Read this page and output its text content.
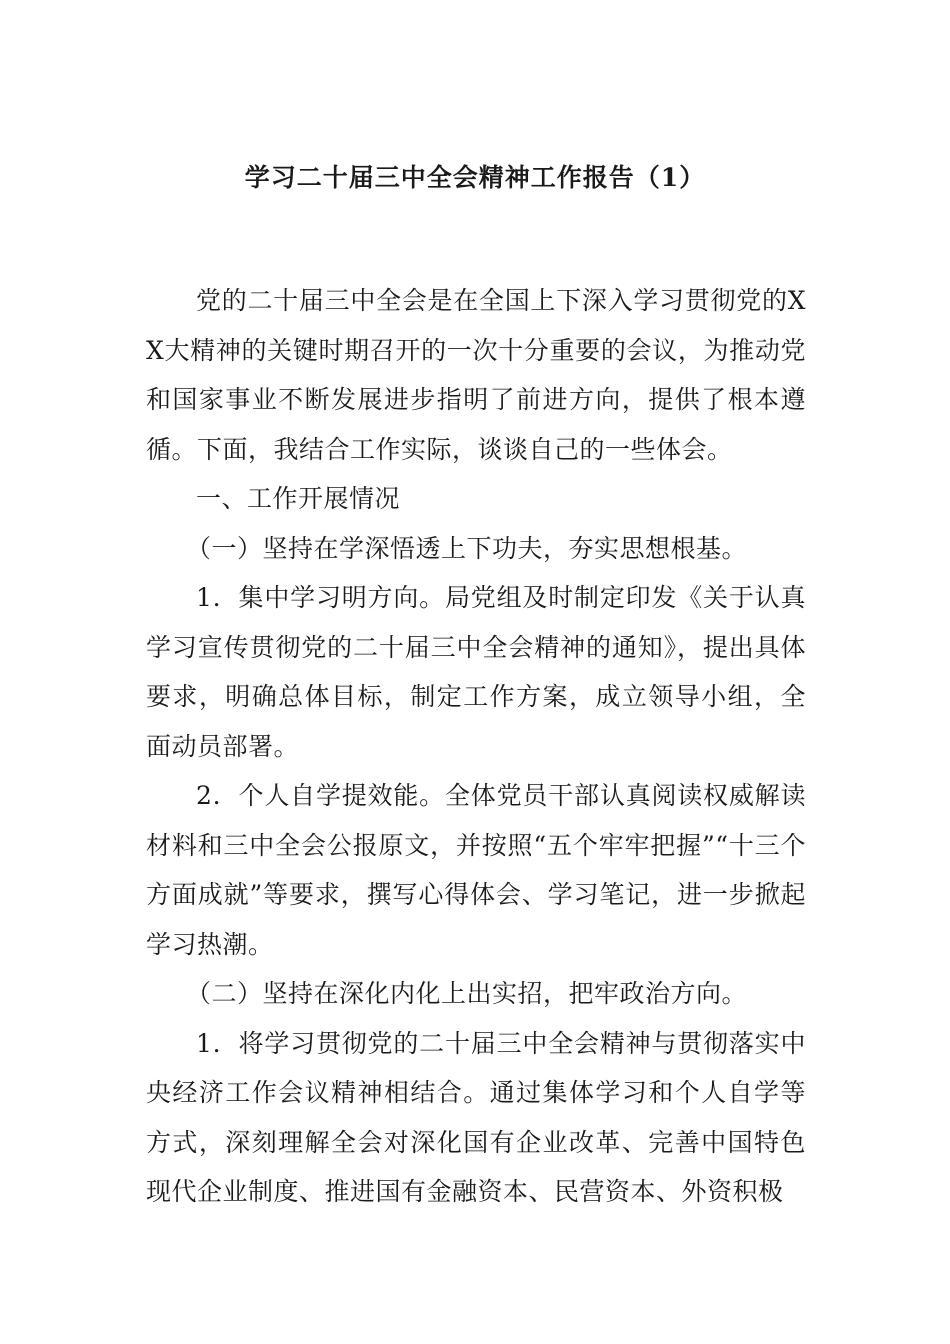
学习二十届三中全会精神工作报告（1）

党的二十届三中全会是在全国上下深入学习贯彻党的XX大精神的关键时期召开的一次十分重要的会议，为推动党和国家事业不断发展进步指明了前进方向，提供了根本遵循。下面，我结合工作实际，谈谈自己的一些体会。

一、工作开展情况

（一）坚持在学深悟透上下功夫，夯实思想根基。

1．集中学习明方向。局党组及时制定印发《关于认真学习宣传贯彻党的二十届三中全会精神的通知》，提出具体要求，明确总体目标，制定工作方案，成立领导小组，全面动员部署。

2．个人自学提效能。全体党员干部认真阅读权威解读材料和三中全会公报原文，并按照“五个牢牢把握”“十三个方面成就”等要求，撰写心得体会、学习笔记，进一步掀起学习热潮。

（二）坚持在深化内化上出实招，把牢政治方向。

1．将学习贯彻党的二十届三中全会精神与贯彻落实中央经济工作会议精神相结合。通过集体学习和个人自学等方式，深刻理解全会对深化国有企业改革、完善中国特色现代企业制度、推进国有金融资本、民营资本、外资积极
